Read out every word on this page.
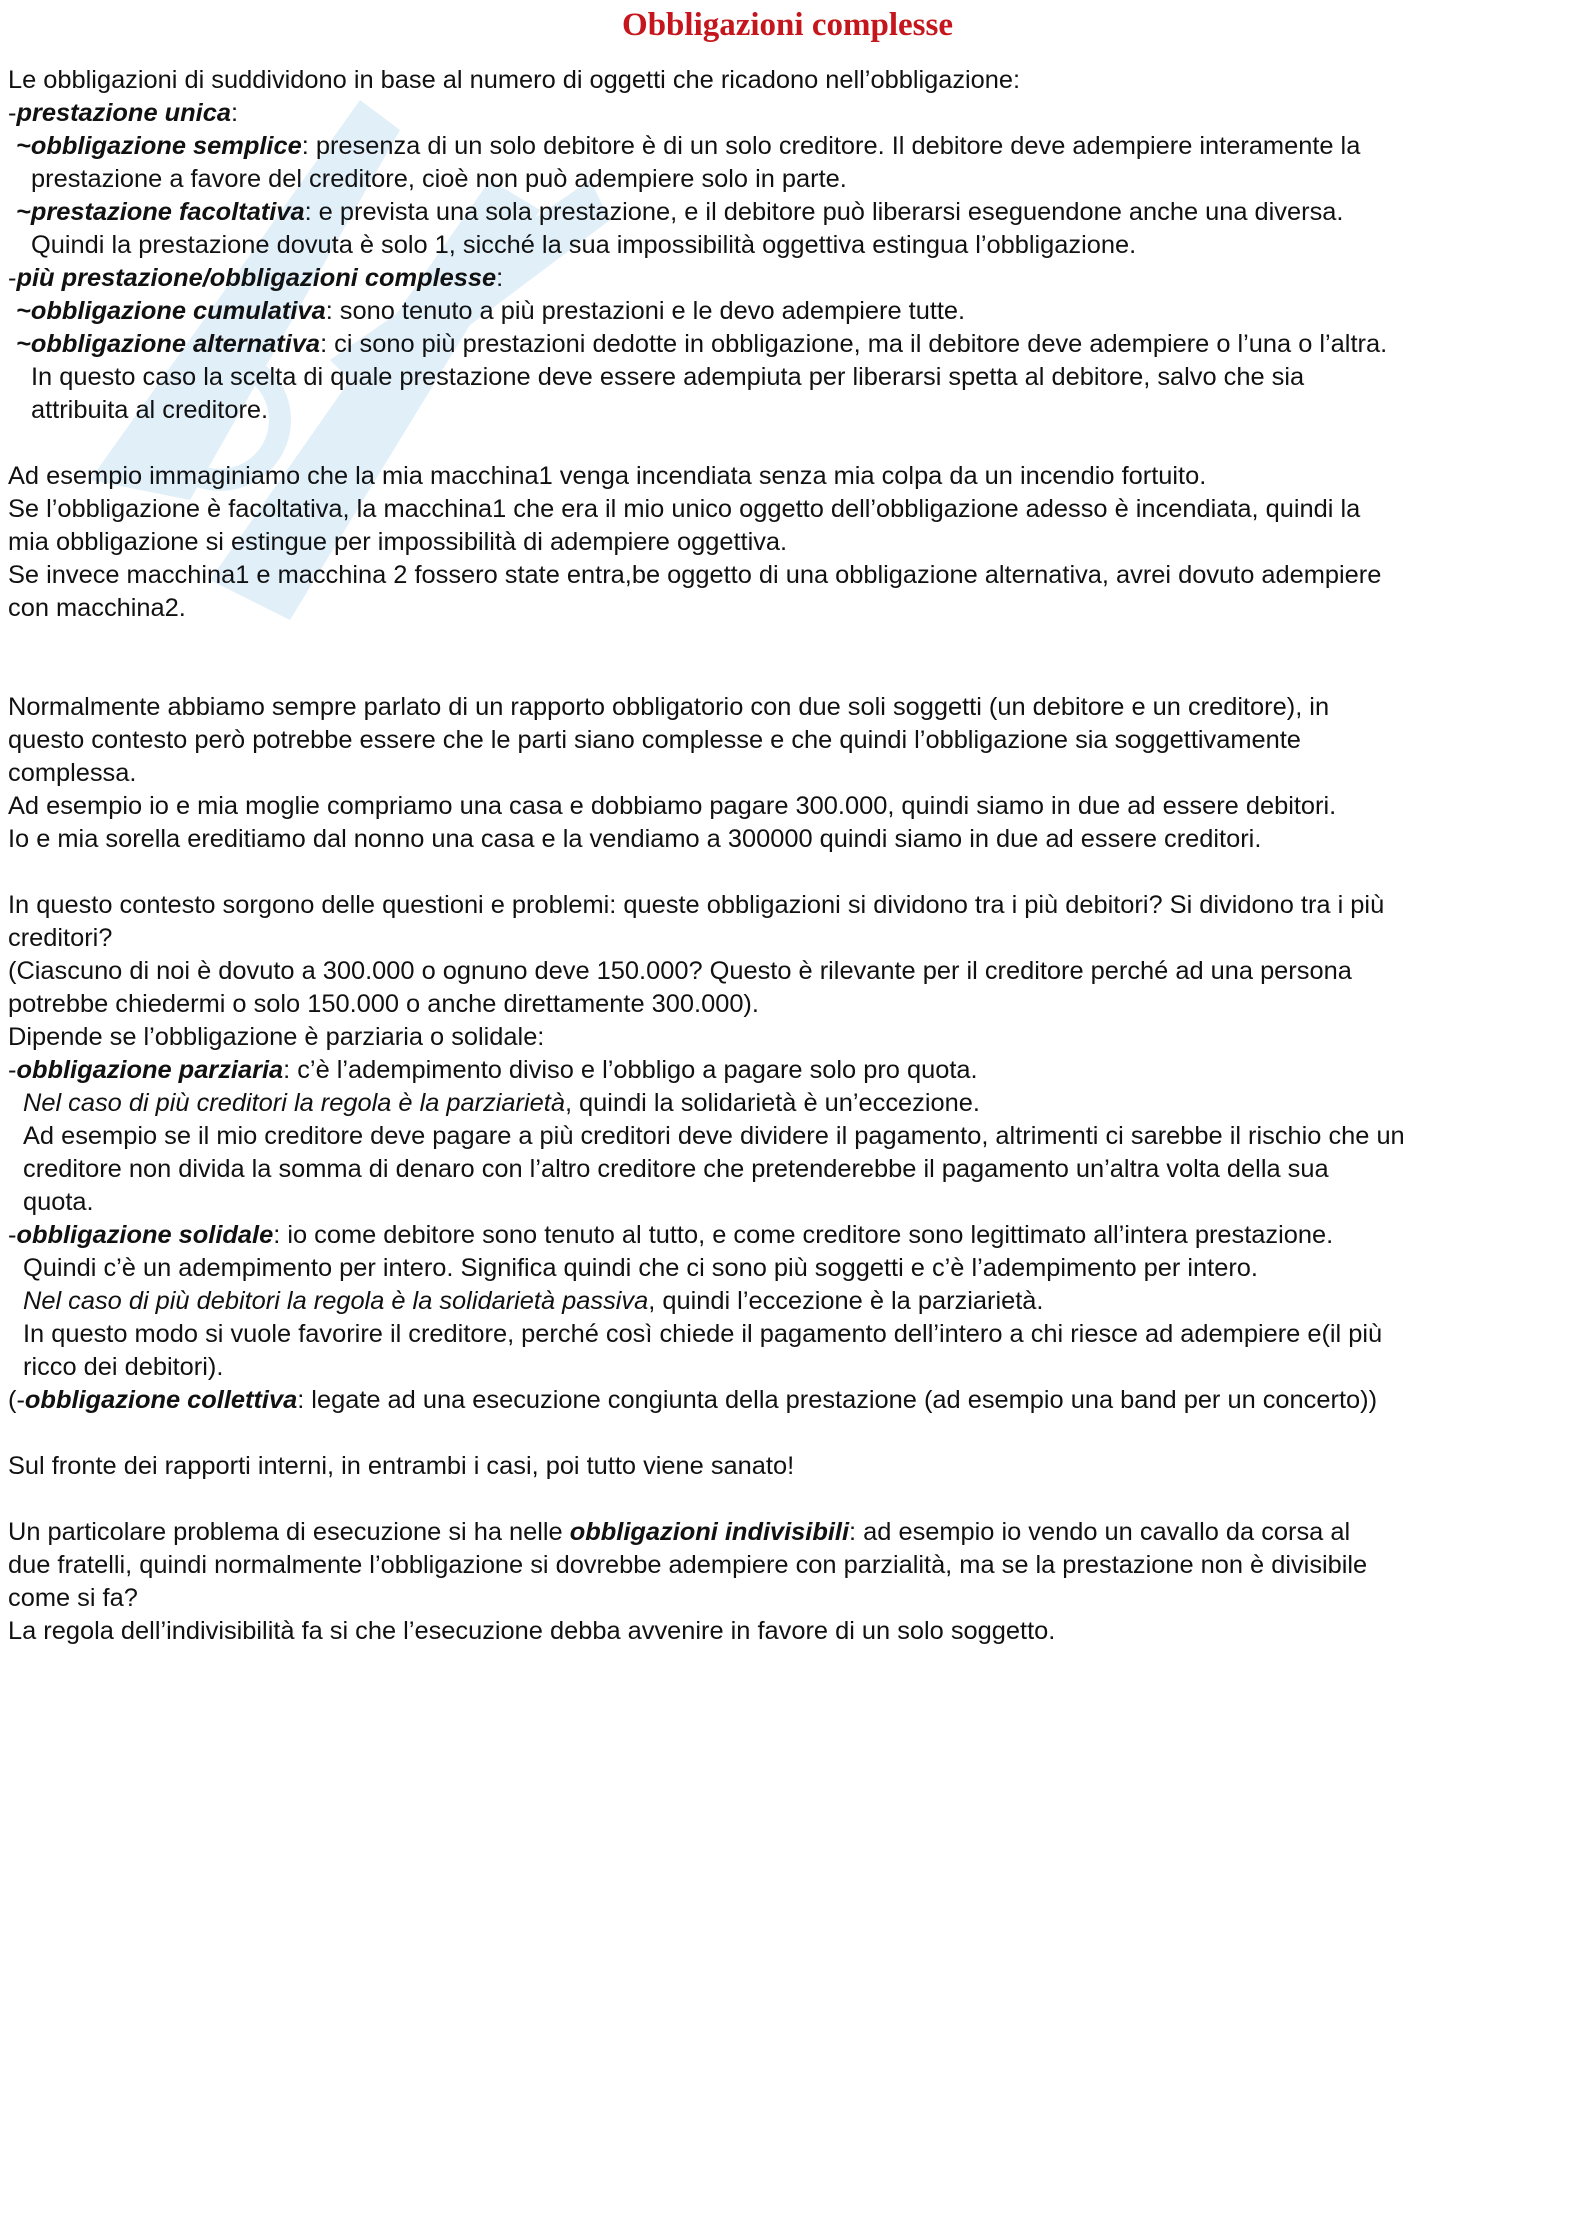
Obbligazioni complesse

Le obbligazioni di suddividono in base al numero di oggetti che ricadono nell’obbligazione:

-prestazione unica:

~obbligazione semplice: presenza di un solo debitore è di un solo creditore. Il debitore deve adempiere interamente la

prestazione a favore del creditore, cioè non può adempiere solo in parte.

~prestazione facoltativa: e prevista una sola prestazione, e il debitore può liberarsi eseguendone anche una diversa.

Quindi la prestazione dovuta è solo 1, sicché la sua impossibilità oggettiva estingua l’obbligazione.

-più prestazione/obbligazioni complesse:

~obbligazione cumulativa: sono tenuto a più prestazioni e le devo adempiere tutte.

~obbligazione alternativa: ci sono più prestazioni dedotte in obbligazione, ma il debitore deve adempiere o l’una o l’altra.

In questo caso la scelta di quale prestazione deve essere adempiuta per liberarsi spetta al debitore, salvo che sia

attribuita al creditore.

Ad esempio immaginiamo che la mia macchina1 venga incendiata senza mia colpa da un incendio fortuito.

Se l’obbligazione è facoltativa, la macchina1 che era il mio unico oggetto dell’obbligazione adesso è incendiata, quindi la

mia obbligazione si estingue per impossibilità di adempiere oggettiva.

Se invece macchina1 e macchina 2 fossero state entra,be oggetto di una obbligazione alternativa, avrei dovuto adempiere

con macchina2.

Normalmente abbiamo sempre parlato di un rapporto obbligatorio con due soli soggetti (un debitore e un creditore), in

questo contesto però potrebbe essere che le parti siano complesse e che quindi l’obbligazione sia soggettivamente

complessa.

Ad esempio io e mia moglie compriamo una casa e dobbiamo pagare 300.000, quindi siamo in due ad essere debitori.

Io e mia sorella ereditiamo dal nonno una casa e la vendiamo a 300000 quindi siamo in due ad essere creditori.

In questo contesto sorgono delle questioni e problemi: queste obbligazioni si dividono tra i più debitori? Si dividono tra i più

creditori?

(Ciascuno di noi è dovuto a 300.000 o ognuno deve 150.000? Questo è rilevante per il creditore perché ad una persona

potrebbe chiedermi o solo 150.000 o anche direttamente 300.000).

Dipende se l’obbligazione è parziaria o solidale:

-obbligazione parziaria: c’è l’adempimento diviso e l’obbligo a pagare solo pro quota.

Nel caso di più creditori la regola è la parziarietà, quindi la solidarietà è un’eccezione.

Ad esempio se il mio creditore deve pagare a più creditori deve dividere il pagamento, altrimenti ci sarebbe il rischio che un

creditore non divida la somma di denaro con l’altro creditore che pretenderebbe il pagamento un’altra volta della sua

quota.

-obbligazione solidale: io come debitore sono tenuto al tutto, e come creditore sono legittimato all’intera prestazione.

Quindi c’è un adempimento per intero. Significa quindi che ci sono più soggetti e c’è l’adempimento per intero.

Nel caso di più debitori la regola è la solidarietà passiva, quindi l’eccezione è la parziarietà.

In questo modo si vuole favorire il creditore, perché così chiede il pagamento dell’intero a chi riesce ad adempiere e(il più

ricco dei debitori).

(-obbligazione collettiva: legate ad una esecuzione congiunta della prestazione (ad esempio una band per un concerto))

Sul fronte dei rapporti interni, in entrambi i casi, poi tutto viene sanato!

Un particolare problema di esecuzione si ha nelle obbligazioni indivisibili: ad esempio io vendo un cavallo da corsa al

due fratelli, quindi normalmente l’obbligazione si dovrebbe adempiere con parzialità, ma se la prestazione non è divisibile

come si fa?

La regola dell’indivisibilità fa si che l’esecuzione debba avvenire in favore di un solo soggetto.
